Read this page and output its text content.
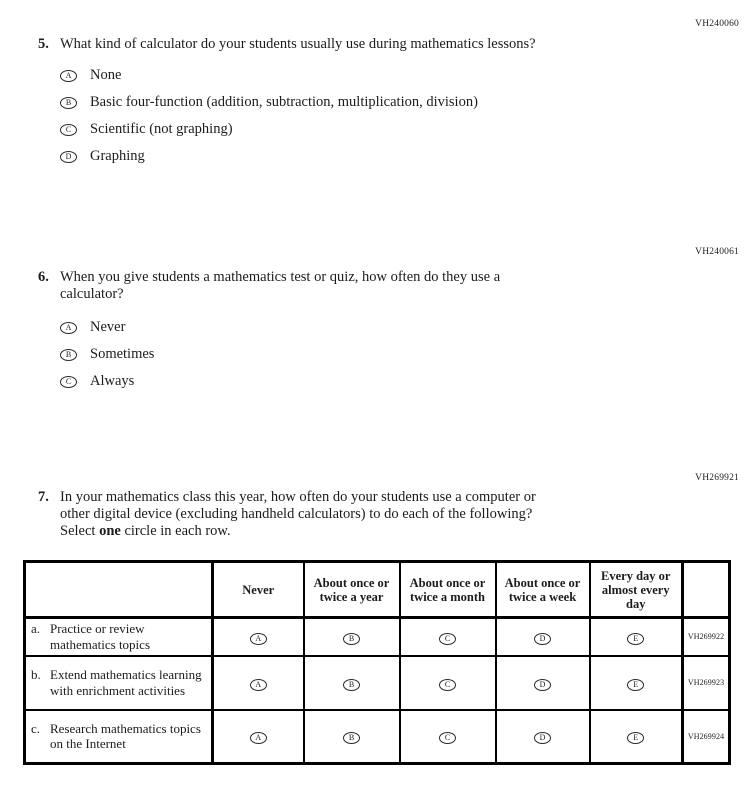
VH240060
VH240061
VH269921
5. What kind of calculator do your students usually use during mathematics lessons?
A	None
B	Basic four-function (addition, subtraction, multiplication, division)
C	Scientific (not graphing)
D	Graphing
6. When you give students a mathematics test or quiz, how often do they use a
calculator?
A	Never
B	Sometimes
C	Always
7. In your mathematics class this year, how often do your students use a computer or
other digital device (excluding handheld calculators) to do each of the following?
Select one circle in each row.
	Never	About once or twice a year	About once or twice a month	About once or twice a week	Every day or almost every day	

a. Practice or review mathematics topics	A	B	C	D	E	VH269922

b. Extend mathematics learning with enrichment activities	A	B	C	D	E	VH269923

c. Research mathematics topics on the Internet	A	B	C	D	E	VH269924
